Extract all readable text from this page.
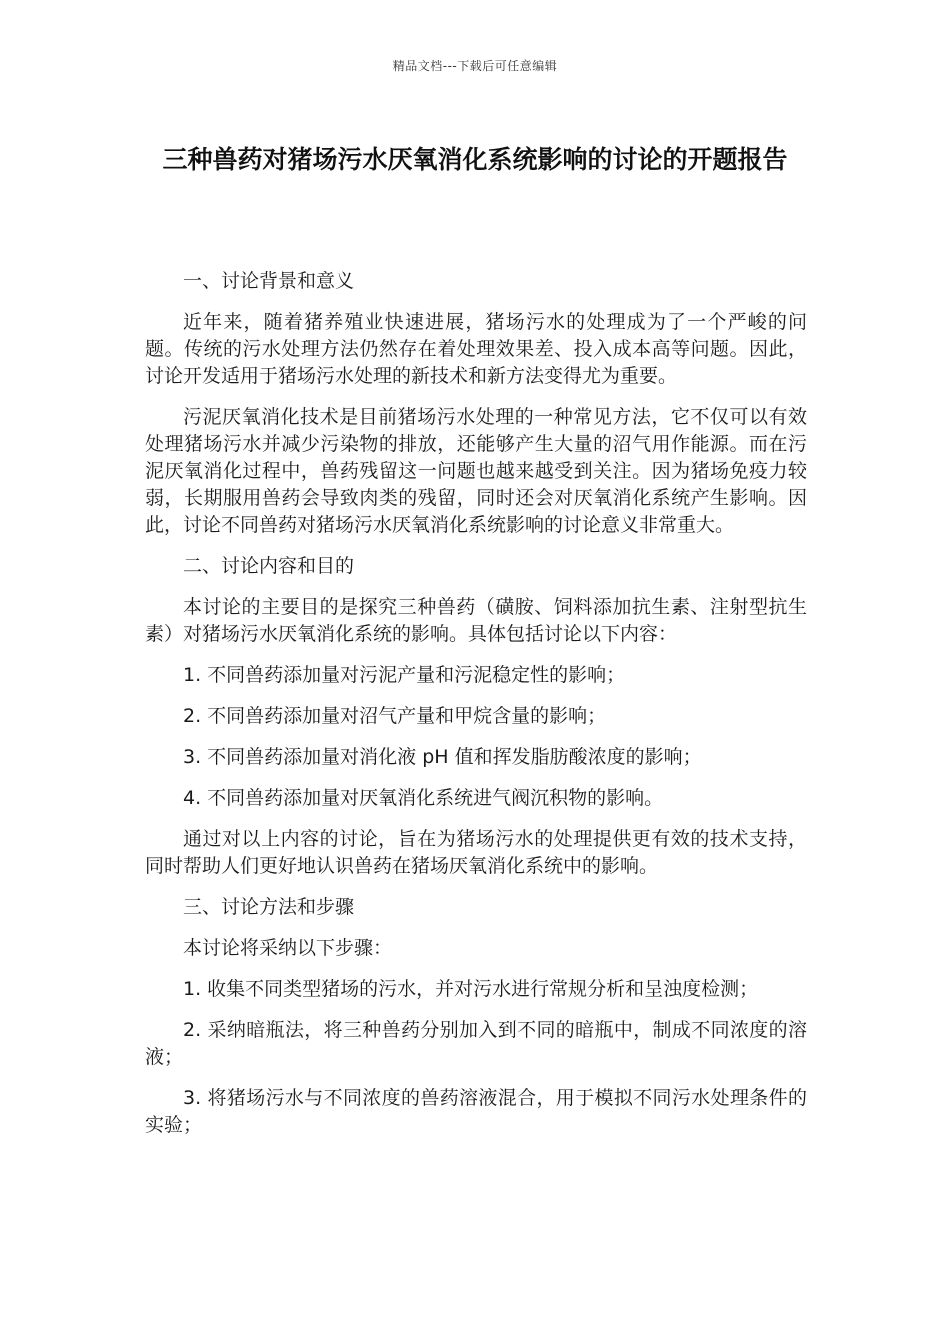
精品文档---下载后可任意编辑
三种兽药对猪场污水厌氧消化系统影响的讨论的开题报告

一、讨论背景和意义

近年来，随着猪养殖业快速进展，猪场污水的处理成为了一个严峻的问题。传统的污水处理方法仍然存在着处理效果差、投入成本高等问题。因此，讨论开发适用于猪场污水处理的新技术和新方法变得尤为重要。

污泥厌氧消化技术是目前猪场污水处理的一种常见方法，它不仅可以有效处理猪场污水并减少污染物的排放，还能够产生大量的沼气用作能源。而在污泥厌氧消化过程中，兽药残留这一问题也越来越受到关注。因为猪场免疫力较弱，长期服用兽药会导致肉类的残留，同时还会对厌氧消化系统产生影响。因此，讨论不同兽药对猪场污水厌氧消化系统影响的讨论意义非常重大。

二、讨论内容和目的

本讨论的主要目的是探究三种兽药（磺胺、饲料添加抗生素、注射型抗生素）对猪场污水厌氧消化系统的影响。具体包括讨论以下内容：

1. 不同兽药添加量对污泥产量和污泥稳定性的影响；

2. 不同兽药添加量对沼气产量和甲烷含量的影响；

3. 不同兽药添加量对消化液 pH 值和挥发脂肪酸浓度的影响；

4. 不同兽药添加量对厌氧消化系统进气阀沉积物的影响。

通过对以上内容的讨论，旨在为猪场污水的处理提供更有效的技术支持，同时帮助人们更好地认识兽药在猪场厌氧消化系统中的影响。

三、讨论方法和步骤

本讨论将采纳以下步骤：

1. 收集不同类型猪场的污水，并对污水进行常规分析和呈浊度检测；

2. 采纳暗瓶法，将三种兽药分别加入到不同的暗瓶中，制成不同浓度的溶液；

3. 将猪场污水与不同浓度的兽药溶液混合，用于模拟不同污水处理条件的实验；
